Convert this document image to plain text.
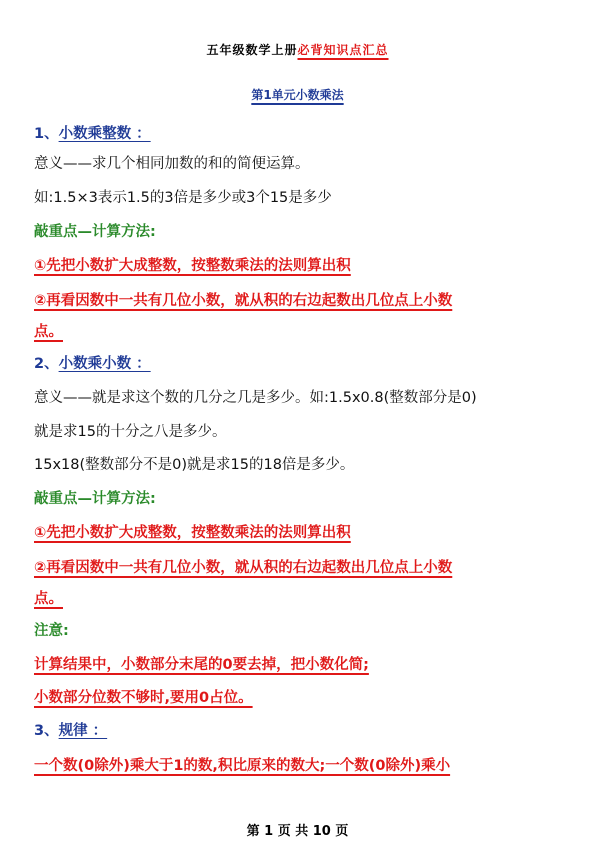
五年级数学上册必背知识点汇总
第1单元小数乘法
1、小数乘整数 ：
意义——求几个相同加数的和的简便运算。
如:1.5×3表示1.5的3倍是多少或3个15是多少
敲重点—计算方法:
①先把小数扩大成整数，按整数乘法的法则算出积
②再看因数中一共有几位小数，就从积的右边起数出几位点上小数
点。
2、小数乘小数 ：
意义——就是求这个数的几分之几是多少。如:1.5x0.8(整数部分是0)
就是求15的十分之八是多少。
15x18(整数部分不是0)就是求15的18倍是多少。
敲重点—计算方法:
①先把小数扩大成整数，按整数乘法的法则算出积
②再看因数中一共有几位小数，就从积的右边起数出几位点上小数
点。
注意:
计算结果中，小数部分末尾的0要去掉，把小数化简;
小数部分位数不够时,要用0占位。
3、规律 ：
一个数(0除外)乘大于1的数,积比原来的数大;一个数(0除外)乘小
第 1 页 共 10 页
